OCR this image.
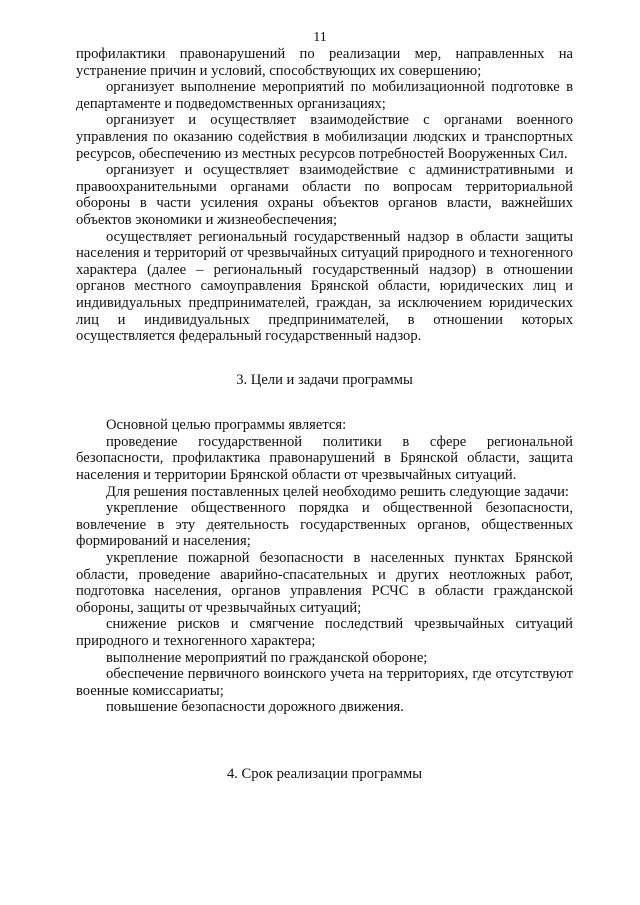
11

профилактики правонарушений по реализации мер, направленных на устранение причин и условий, способствующих их совершению;

организует выполнение мероприятий по мобилизационной подготовке в департаменте и подведомственных организациях;

организует и осуществляет взаимодействие с органами военного управления по оказанию содействия в мобилизации людских и транспортных ресурсов, обеспечению из местных ресурсов потребностей Вооруженных Сил.

организует и осуществляет взаимодействие с административными и правоохранительными органами области по вопросам территориальной обороны в части усиления охраны объектов органов власти, важнейших объектов экономики и жизнеобеспечения;

осуществляет региональный государственный надзор в области защиты населения и территорий от чрезвычайных ситуаций природного и техногенного характера (далее – региональный государственный надзор) в отношении органов местного самоуправления Брянской области, юридических лиц и индивидуальных предпринимателей, граждан, за исключением юридических лиц и индивидуальных предпринимателей, в отношении которых осуществляется федеральный государственный надзор.

3. Цели и задачи программы

Основной целью программы является:

проведение государственной политики в сфере региональной безопасности, профилактика правонарушений в Брянской области, защита населения и территории Брянской области от чрезвычайных ситуаций.

Для решения поставленных целей необходимо решить следующие задачи:

укрепление общественного порядка и общественной безопасности, вовлечение в эту деятельность государственных органов, общественных формирований и населения;

укрепление пожарной безопасности в населенных пунктах Брянской области, проведение аварийно-спасательных и других неотложных работ, подготовка населения, органов управления РСЧС в области гражданской обороны, защиты от чрезвычайных ситуаций;

снижение рисков и смягчение последствий чрезвычайных ситуаций природного и техногенного характера;

выполнение мероприятий по гражданской обороне;

обеспечение первичного воинского учета на территориях, где отсутствуют военные комиссариаты;

повышение безопасности дорожного движения.

4. Срок реализации программы
